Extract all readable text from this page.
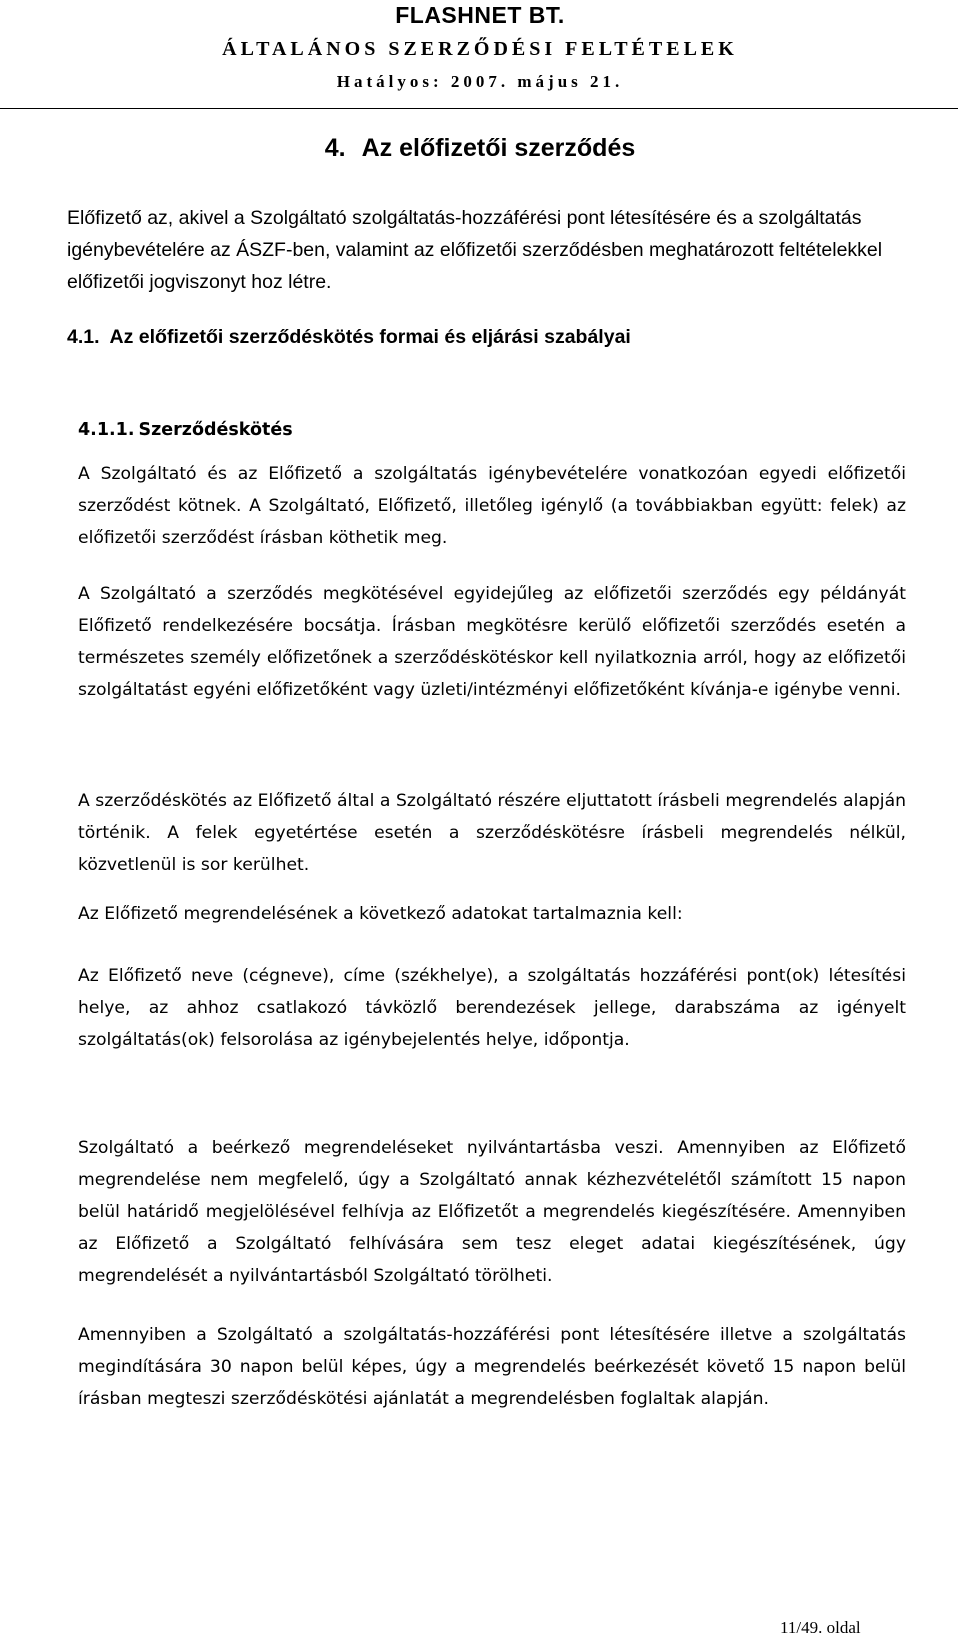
FLASHNET BT.
ÁLTALÁNOS SZERZŐDÉSI FELTÉTELEK
Hatályos: 2007. május 21.
4. Az előfizetői szerződés
Előfizető az, akivel a Szolgáltató szolgáltatás-hozzáférési pont létesítésére és a szolgáltatás igénybevételére az ÁSZF-ben, valamint az előfizetői szerződésben meghatározott feltételekkel előfizetői jogviszonyt hoz létre.
4.1. Az előfizetői szerződéskötés formai és eljárási szabályai
4.1.1. Szerződéskötés
A Szolgáltató és az Előfizető a szolgáltatás igénybevételére vonatkozóan egyedi előfizetői szerződést kötnek. A Szolgáltató, Előfizető, illetőleg igénylő (a továbbiakban együtt: felek) az előfizetői szerződést írásban köthetik meg.
A Szolgáltató a szerződés megkötésével egyidejűleg az előfizetői szerződés egy példányát Előfizető rendelkezésére bocsátja. Írásban megkötésre kerülő előfizetői szerződés esetén a természetes személy előfizetőnek a szerződéskötéskor kell nyilatkoznia arról, hogy az előfizetői szolgáltatást egyéni előfizetőként vagy üzleti/intézményi előfizetőként kívánja-e igénybe venni.
A szerződéskötés az Előfizető által a Szolgáltató részére eljuttatott írásbeli megrendelés alapján történik. A felek egyetértése esetén a szerződéskötésre írásbeli megrendelés nélkül, közvetlenül is sor kerülhet.
Az Előfizető megrendelésének a következő adatokat tartalmaznia kell:
Az Előfizető neve (cégneve), címe (székhelye), a szolgáltatás hozzáférési pont(ok) létesítési helye, az ahhoz csatlakozó távközlő berendezések jellege, darabszáma az igényelt szolgáltatás(ok) felsorolása az igénybejelentés helye, időpontja.
Szolgáltató a beérkező megrendeléseket nyilvántartásba veszi. Amennyiben az Előfizető megrendelése nem megfelelő, úgy a Szolgáltató annak kézhezvételétől számított 15 napon belül határidő megjelölésével felhívja az Előfizetőt a megrendelés kiegészítésére. Amennyiben az Előfizető a Szolgáltató felhívására sem tesz eleget adatai kiegészítésének, úgy megrendelését a nyilvántartásból Szolgáltató törölheti.
Amennyiben a Szolgáltató a szolgáltatás-hozzáférési pont létesítésére illetve a szolgáltatás megindítására 30 napon belül képes, úgy a megrendelés beérkezését követő 15 napon belül írásban megteszi szerződéskötési ajánlatát a megrendelésben foglaltak alapján.
11/49. oldal
